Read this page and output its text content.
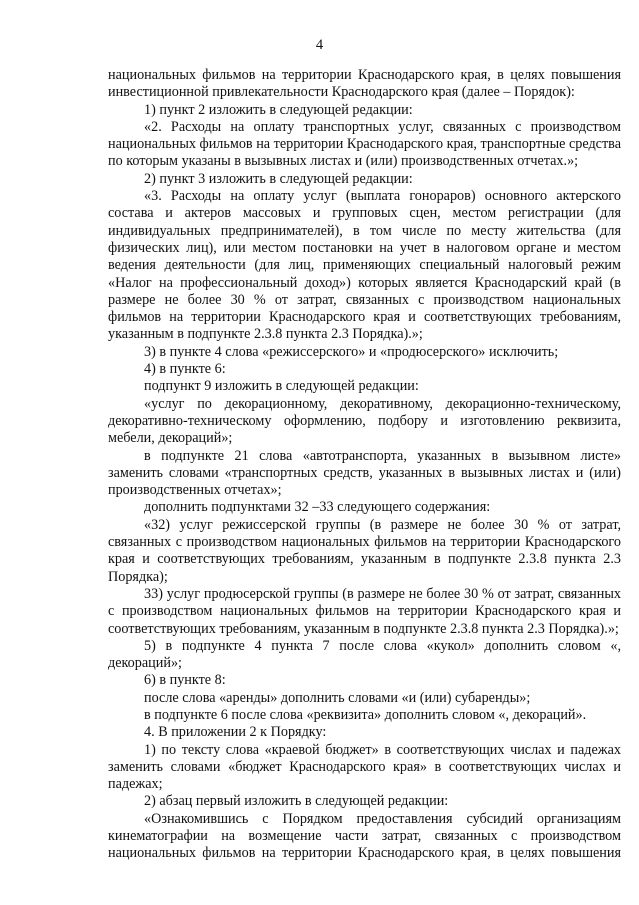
4

национальных фильмов на территории Краснодарского края, в целях повышения инвестиционной привлекательности Краснодарского края (далее – Порядок):

1) пункт 2 изложить в следующей редакции:

«2. Расходы на оплату транспортных услуг, связанных с производством национальных фильмов на территории Краснодарского края, транспортные средства по которым указаны в вызывных листах и (или) производственных отчетах.»;

2) пункт 3 изложить в следующей редакции:

«3. Расходы на оплату услуг (выплата гонораров) основного актерского состава и актеров массовых и групповых сцен, местом регистрации (для индивидуальных предпринимателей), в том числе по месту жительства (для физических лиц), или местом постановки на учет в налоговом органе и местом ведения деятельности (для лиц, применяющих специальный налоговый режим «Налог на профессиональный доход») которых является Краснодарский край (в размере не более 30 % от затрат, связанных с производством национальных фильмов на территории Краснодарского края и соответствующих требованиям, указанным в подпункте 2.3.8 пункта 2.3 Порядка).»;

3) в пункте 4 слова «режиссерского» и «продюсерского» исключить;

4) в пункте 6:

подпункт 9 изложить в следующей редакции:

«услуг по декорационному, декоративному, декорационно-техническому, декоративно-техническому оформлению, подбору и изготовлению реквизита, мебели, декораций»;

в подпункте 21 слова «автотранспорта, указанных в вызывном листе» заменить словами «транспортных средств, указанных в вызывных листах и (или) производственных отчетах»;

дополнить подпунктами 32 –33 следующего содержания:

«32) услуг режиссерской группы (в размере не более 30 % от затрат, связанных с производством национальных фильмов на территории Краснодарского края и соответствующих требованиям, указанным в подпункте 2.3.8 пункта 2.3 Порядка);

33) услуг продюсерской группы (в размере не более 30 % от затрат, связанных с производством национальных фильмов на территории Краснодарского края и соответствующих требованиям, указанным в подпункте 2.3.8 пункта 2.3 Порядка).»;

5) в подпункте 4 пункта 7 после слова «кукол» дополнить словом «, декораций»;

6) в пункте 8:

после слова «аренды» дополнить словами «и (или) субаренды»;

в подпункте 6 после слова «реквизита» дополнить словом «, декораций».

4. В приложении 2 к Порядку:

1) по тексту слова «краевой бюджет» в соответствующих числах и падежах заменить словами «бюджет Краснодарского края» в соответствующих числах и падежах;

2) абзац первый изложить в следующей редакции:

«Ознакомившись с Порядком предоставления субсидий организациям кинематографии на возмещение части затрат, связанных с производством национальных фильмов на территории Краснодарского края, в целях повышения
